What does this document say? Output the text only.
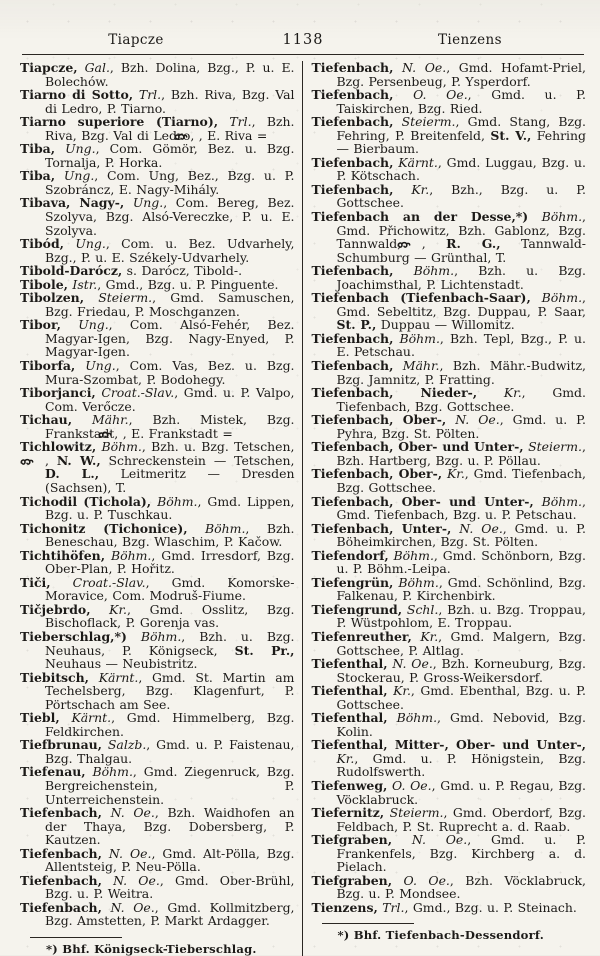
Tiapcze	1138	Tienzens

Tiapcze, Gal., Bzh. Dolina, Bzg., P. u. E. Bolechów.

Tiarno di Sotto, Trl., Bzh. Riva, Bzg. Val di Ledro, P. Tiarno.

Tiarno superiore (Tiarno), Trl., Bzh. Riva, Bzg. Val di Ledro, , E. Riva =

Tiba, Ung., Com. Gömör, Bez. u. Bzg. Tornalja, P. Horka.

Tiba, Ung., Com. Ung, Bez., Bzg. u. P. Szobráncz, E. Nagy-Mihály.

Tibava, Nagy-, Ung., Com. Bereg, Bez. Szolyva, Bzg. Alsó-Vereczke, P. u. E. Szolyva.

Tibód, Ung., Com. u. Bez. Udvarhely, Bzg., P. u. E. Székely-Udvarhely.

Tibold-Darócz, s. Darócz, Tibold-.

Tibole, Istr., Gmd., Bzg. u. P. Pinguente.

Tibolzen, Steierm., Gmd. Samuschen, Bzg. Friedau, P. Moschganzen.

Tibor, Ung., Com. Alsó-Fehér, Bez. Magyar-Igen, Bzg. Nagy-Enyed, P. Magyar-Igen.

Tiborfa, Ung., Com. Vas, Bez. u. Bzg. Mura-Szombat, P. Bodohegy.

Tiborjanci, Croat.-Slav., Gmd. u. P. Valpo, Com. Verőcze.

Tichau, Mähr., Bzh. Mistek, Bzg. Frankstadt, , E. Frankstadt =

Tichlowitz, Böhm., Bzh. u. Bzg. Tetschen, , N. W., Schreckenstein — Tetschen, D. L., Leitmeritz — Dresden (Sachsen), T.

Tichodil (Tichola), Böhm., Gmd. Lippen, Bzg. u. P. Tuschkau.

Tichonitz (Tichonice), Böhm., Bzh. Beneschau, Bzg. Wlaschim, P. Kačow.

Tichtihöfen, Böhm., Gmd. Irresdorf, Bzg. Ober-Plan, P. Hořitz.

Tiči, Croat.-Slav., Gmd. Komorske-Moravice, Com. Modruš-Fiume.

Tičjebrdo, Kr., Gmd. Osslitz, Bzg. Bischoflack, P. Gorenja vas.

Tieberschlag,*) Böhm., Bzh. u. Bzg. Neuhaus, P. Königseck, St. Pr., Neuhaus — Neubistritz.

Tiebitsch, Kärnt., Gmd. St. Martin am Techelsberg, Bzg. Klagenfurt, P. Pörtschach am See.

Tiebl, Kärnt., Gmd. Himmelberg, Bzg. Feldkirchen.

Tiefbrunau, Salzb., Gmd. u. P. Faistenau, Bzg. Thalgau.

Tiefenau, Böhm., Gmd. Ziegenruck, Bzg. Bergreichenstein, P. Unterreichenstein.

Tiefenbach, N. Oe., Bzh. Waidhofen an der Thaya, Bzg. Dobersberg, P. Kautzen.

Tiefenbach, N. Oe., Gmd. Alt-Pölla, Bzg. Allentsteig, P. Neu-Pölla.

Tiefenbach, N. Oe., Gmd. Ober-Brühl, Bzg. u. P. Weitra.

Tiefenbach, N. Oe., Gmd. Kollmitzberg, Bzg. Amstetten, P. Markt Ardagger.

*) Bhf. Königseck-Tieberschlag.

Tiefenbach, N. Oe., Gmd. Hofamt-Priel, Bzg. Persenbeug, P. Ysperdorf.

Tiefenbach, O. Oe., Gmd. u. P. Taiskirchen, Bzg. Ried.

Tiefenbach, Steierm., Gmd. Stang, Bzg. Fehring, P. Breitenfeld, St. V., Fehring — Bierbaum.

Tiefenbach, Kärnt., Gmd. Luggau, Bzg. u. P. Kötschach.

Tiefenbach, Kr., Bzh., Bzg. u. P. Gottschee.

Tiefenbach an der Desse,*) Böhm., Gmd. Přichowitz, Bzh. Gablonz, Bzg. Tannwald, , R. G., Tannwald-Schumburg — Grünthal, T.

Tiefenbach, Böhm., Bzh. u. Bzg. Joachimsthal, P. Lichtenstadt.

Tiefenbach (Tiefenbach-Saar), Böhm., Gmd. Sebeltitz, Bzg. Duppau, P. Saar, St. P., Duppau — Willomitz.

Tiefenbach, Böhm., Bzh. Tepl, Bzg., P. u. E. Petschau.

Tiefenbach, Mähr., Bzh. Mähr.-Budwitz, Bzg. Jamnitz, P. Fratting.

Tiefenbach, Nieder-, Kr., Gmd. Tiefenbach, Bzg. Gottschee.

Tiefenbach, Ober-, N. Oe., Gmd. u. P. Pyhra, Bzg. St. Pölten.

Tiefenbach, Ober- und Unter-, Steierm., Bzh. Hartberg, Bzg. u. P. Pöllau.

Tiefenbach, Ober-, Kr., Gmd. Tiefenbach, Bzg. Gottschee.

Tiefenbach, Ober- und Unter-, Böhm., Gmd. Tiefenbach, Bzg. u. P. Petschau.

Tiefenbach, Unter-, N. Oe., Gmd. u. P. Böheimkirchen, Bzg. St. Pölten.

Tiefendorf, Böhm., Gmd. Schönborn, Bzg. u. P. Böhm.-Leipa.

Tiefengrün, Böhm., Gmd. Schönlind, Bzg. Falkenau, P. Kirchenbirk.

Tiefengrund, Schl., Bzh. u. Bzg. Troppau, P. Wüstpohlom, E. Troppau.

Tiefenreuther, Kr., Gmd. Malgern, Bzg. Gottschee, P. Altlag.

Tiefenthal, N. Oe., Bzh. Korneuburg, Bzg. Stockerau, P. Gross-Weikersdorf.

Tiefenthal, Kr., Gmd. Ebenthal, Bzg. u. P. Gottschee.

Tiefenthal, Böhm., Gmd. Nebovid, Bzg. Kolin.

Tiefenthal, Mitter-, Ober- und Unter-, Kr., Gmd. u. P. Hönigstein, Bzg. Rudolfswerth.

Tiefenweg, O. Oe., Gmd. u. P. Regau, Bzg. Vöcklabruck.

Tiefernitz, Steierm., Gmd. Oberdorf, Bzg. Feldbach, P. St. Ruprecht a. d. Raab.

Tiefgraben, N. Oe., Gmd. u. P. Frankenfels, Bzg. Kirchberg a. d. Pielach.

Tiefgraben, O. Oe., Bzh. Vöcklabruck, Bzg. u. P. Mondsee.

Tienzens, Trl., Gmd., Bzg. u. P. Steinach.

*) Bhf. Tiefenbach-Dessendorf.
